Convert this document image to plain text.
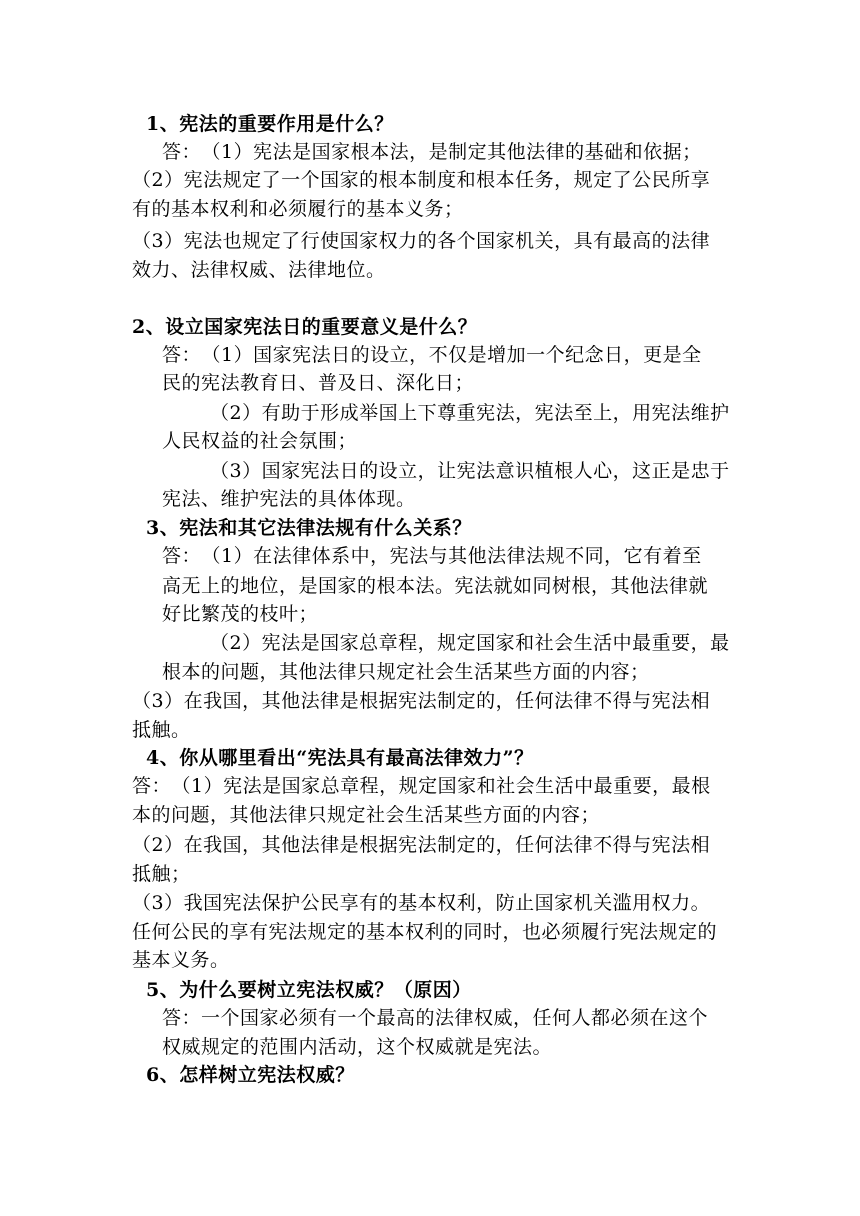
1、宪法的重要作用是什么？
答：　（1）宪法是国家根本法，是制定其他法律的基础和依据；
（2）宪法规定了一个国家的根本制度和根本任务，规定了公民所享
有的基本权利和必须履行的基本义务；
（3）宪法也规定了行使国家权力的各个国家机关，具有最高的法律
效力、法律权威、法律地位。
2、设立国家宪法日的重要意义是什么？
答：　（1）国家宪法日的设立，不仅是增加一个纪念日，更是全
民的宪法教育日、普及日、深化日；
（2）有助于形成举国上下尊重宪法，宪法至上，用宪法维护
人民权益的社会氛围；
（3）国家宪法日的设立，让宪法意识植根人心，这正是忠于
宪法、维护宪法的具体体现。
3、宪法和其它法律法规有什么关系？
答：　（1）在法律体系中，宪法与其他法律法规不同，它有着至
高无上的地位，是国家的根本法。宪法就如同树根，其他法律就
好比繁茂的枝叶；
（2）宪法是国家总章程，规定国家和社会生活中最重要，最
根本的问题，其他法律只规定社会生活某些方面的内容；
（3）在我国，其他法律是根据宪法制定的，任何法律不得与宪法相
抵触。
4、你从哪里看出“宪法具有最高法律效力”？
答：　（1）宪法是国家总章程，规定国家和社会生活中最重要，最根
本的问题，其他法律只规定社会生活某些方面的内容；
（2）在我国，其他法律是根据宪法制定的，任何法律不得与宪法相
抵触；
（3）我国宪法保护公民享有的基本权利，防止国家机关滥用权力。
任何公民的享有宪法规定的基本权利的同时，也必须履行宪法规定的
基本义务。
5、为什么要树立宪法权威？（原因）
答：一个国家必须有一个最高的法律权威，任何人都必须在这个
权威规定的范围内活动，这个权威就是宪法。
6、怎样树立宪法权威？
